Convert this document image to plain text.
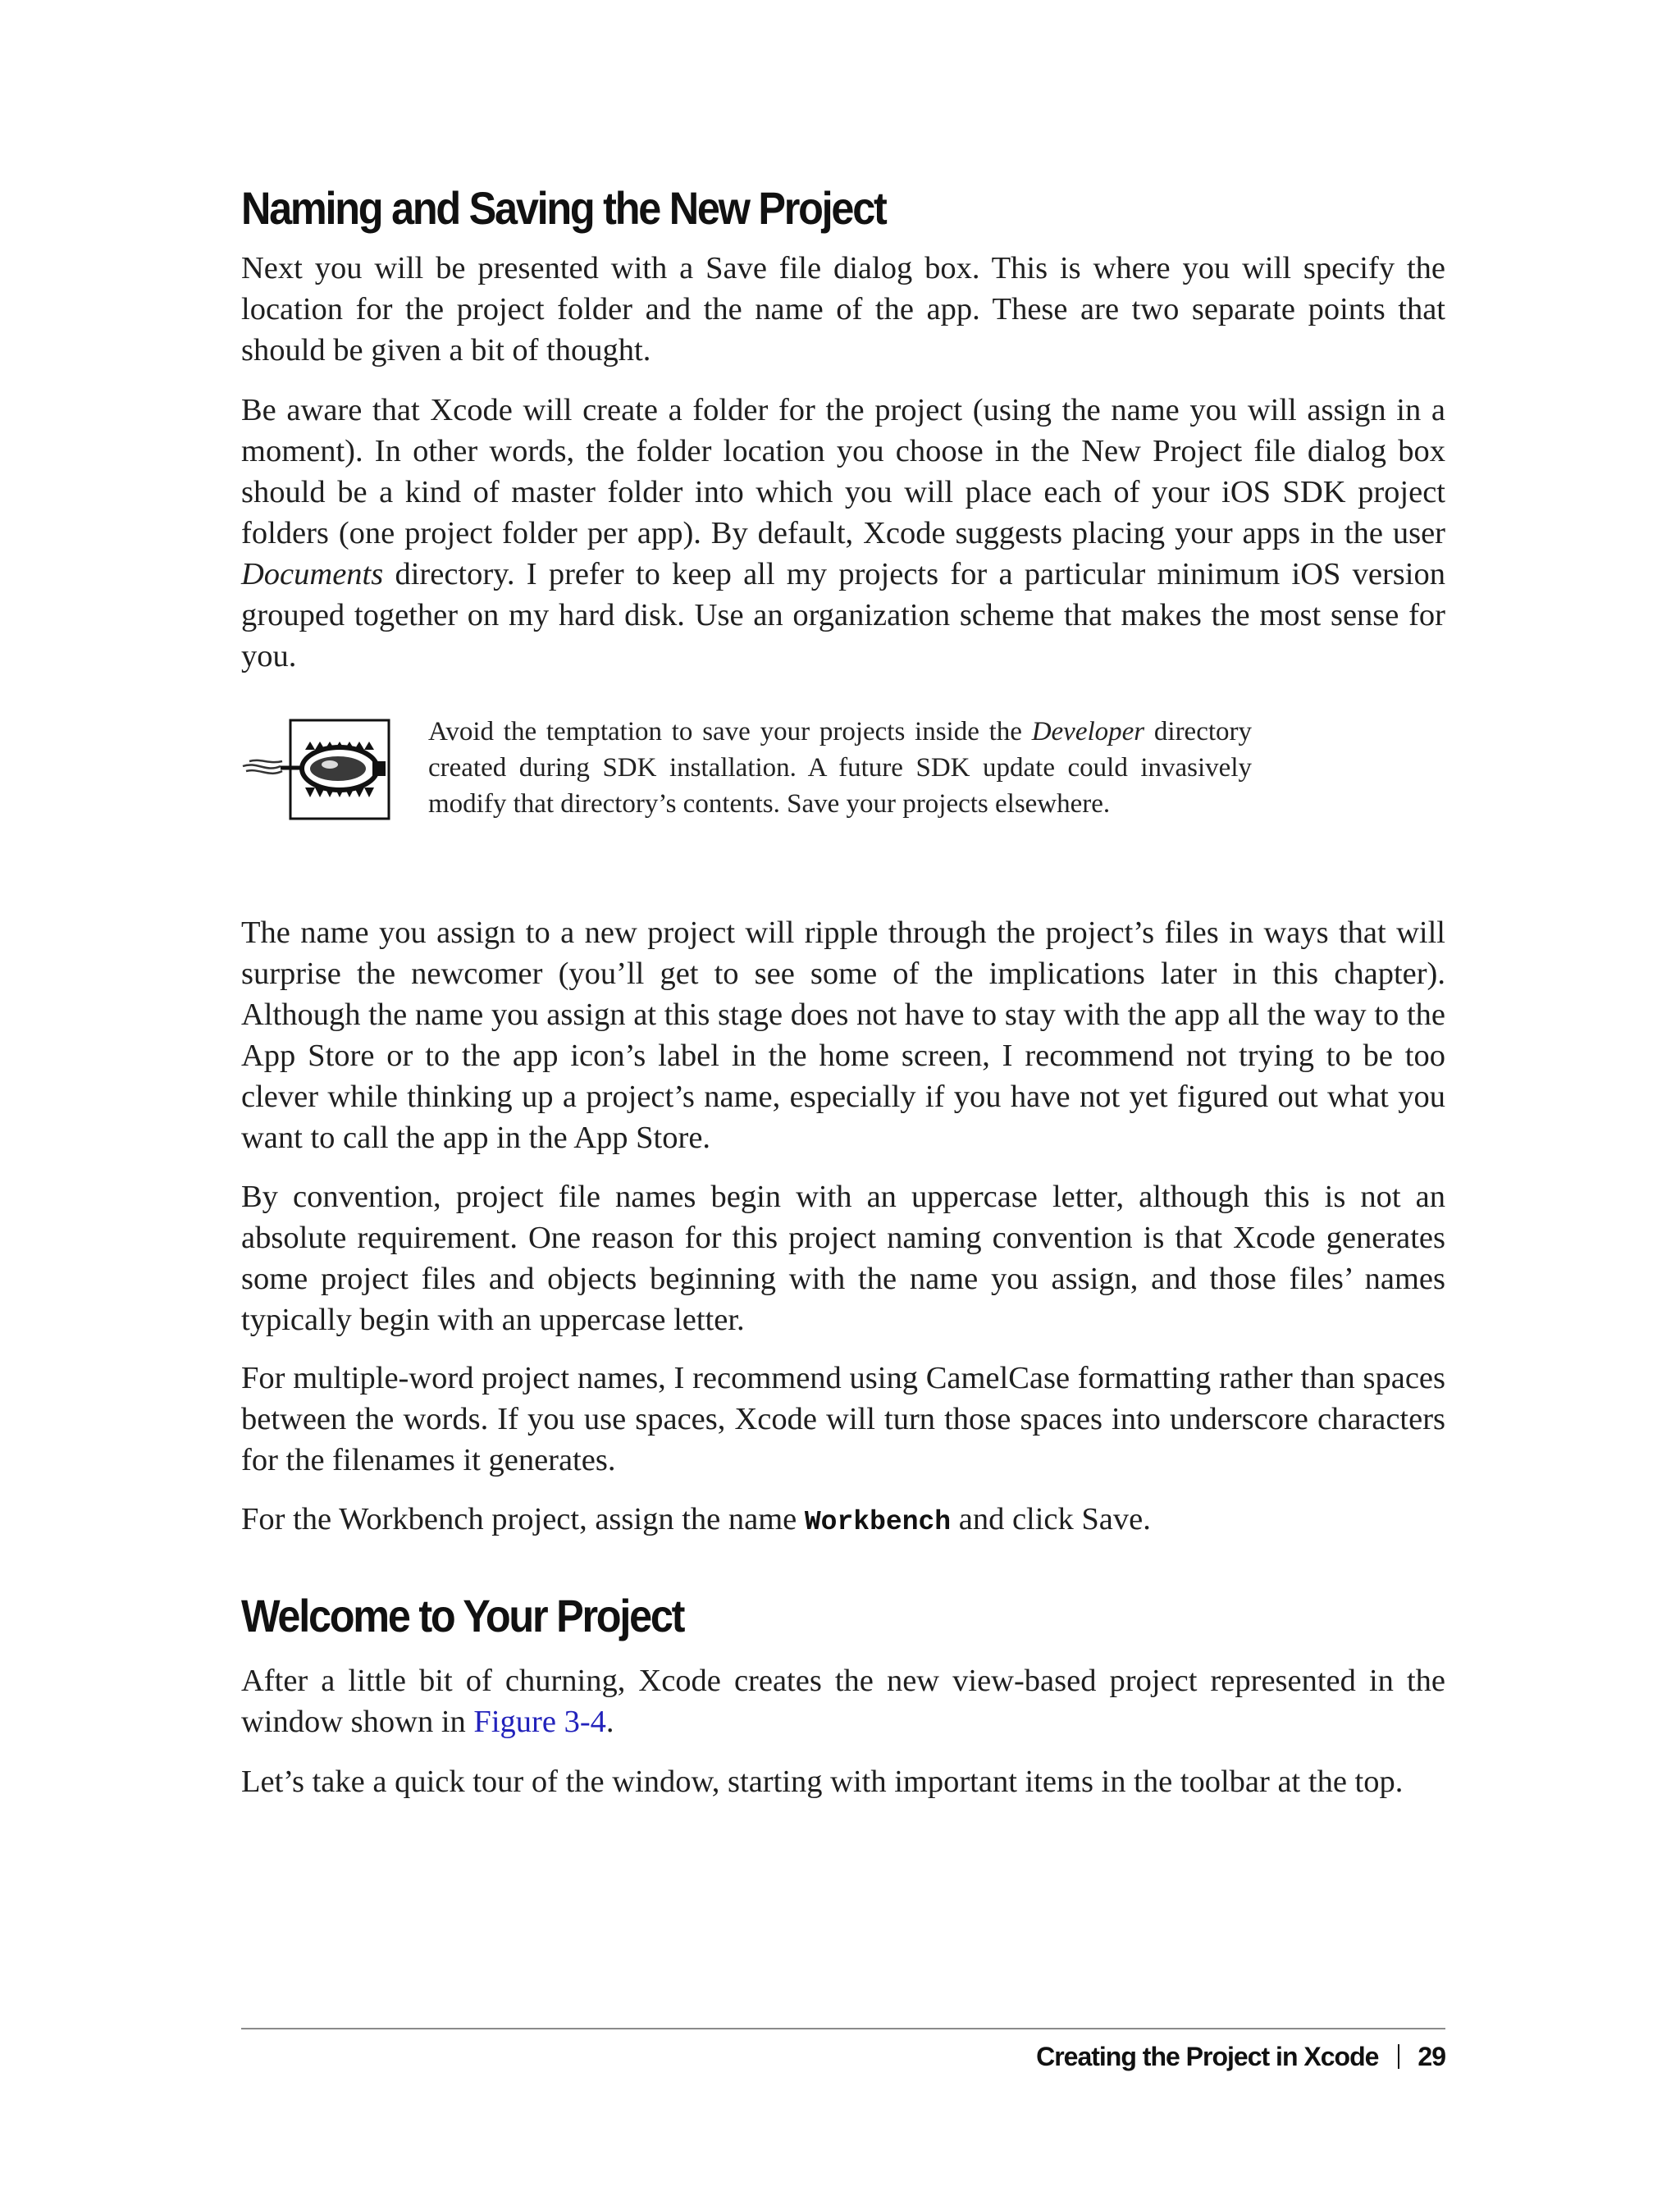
Naming and Saving the New Project

Next you will be presented with a Save file dialog box. This is where you will specify the location for the project folder and the name of the app. These are two separate points that should be given a bit of thought.

Be aware that Xcode will create a folder for the project (using the name you will assign in a moment). In other words, the folder location you choose in the New Project file dialog box should be a kind of master folder into which you will place each of your iOS SDK project folders (one project folder per app). By default, Xcode suggests placing your apps in the user Documents directory. I prefer to keep all my projects for a particular minimum iOS version grouped together on my hard disk. Use an organization scheme that makes the most sense for you.

Avoid the temptation to save your projects inside the Developer directory created during SDK installation. A future SDK update could invasively modify that directory’s contents. Save your projects elsewhere.

The name you assign to a new project will ripple through the project’s files in ways that will surprise the newcomer (you’ll get to see some of the implications later in this chapter). Although the name you assign at this stage does not have to stay with the app all the way to the App Store or to the app icon’s label in the home screen, I recommend not trying to be too clever while thinking up a project’s name, especially if you have not yet figured out what you want to call the app in the App Store.

By convention, project file names begin with an uppercase letter, although this is not an absolute requirement. One reason for this project naming convention is that Xcode generates some project files and objects beginning with the name you assign, and those files’ names typically begin with an uppercase letter.

For multiple-word project names, I recommend using CamelCase formatting rather than spaces between the words. If you use spaces, Xcode will turn those spaces into underscore characters for the filenames it generates.

For the Workbench project, assign the name Workbench and click Save.

Welcome to Your Project

After a little bit of churning, Xcode creates the new view-based project represented in the window shown in Figure 3-4.

Let’s take a quick tour of the window, starting with important items in the toolbar at the top.

Creating the Project in Xcode 29
